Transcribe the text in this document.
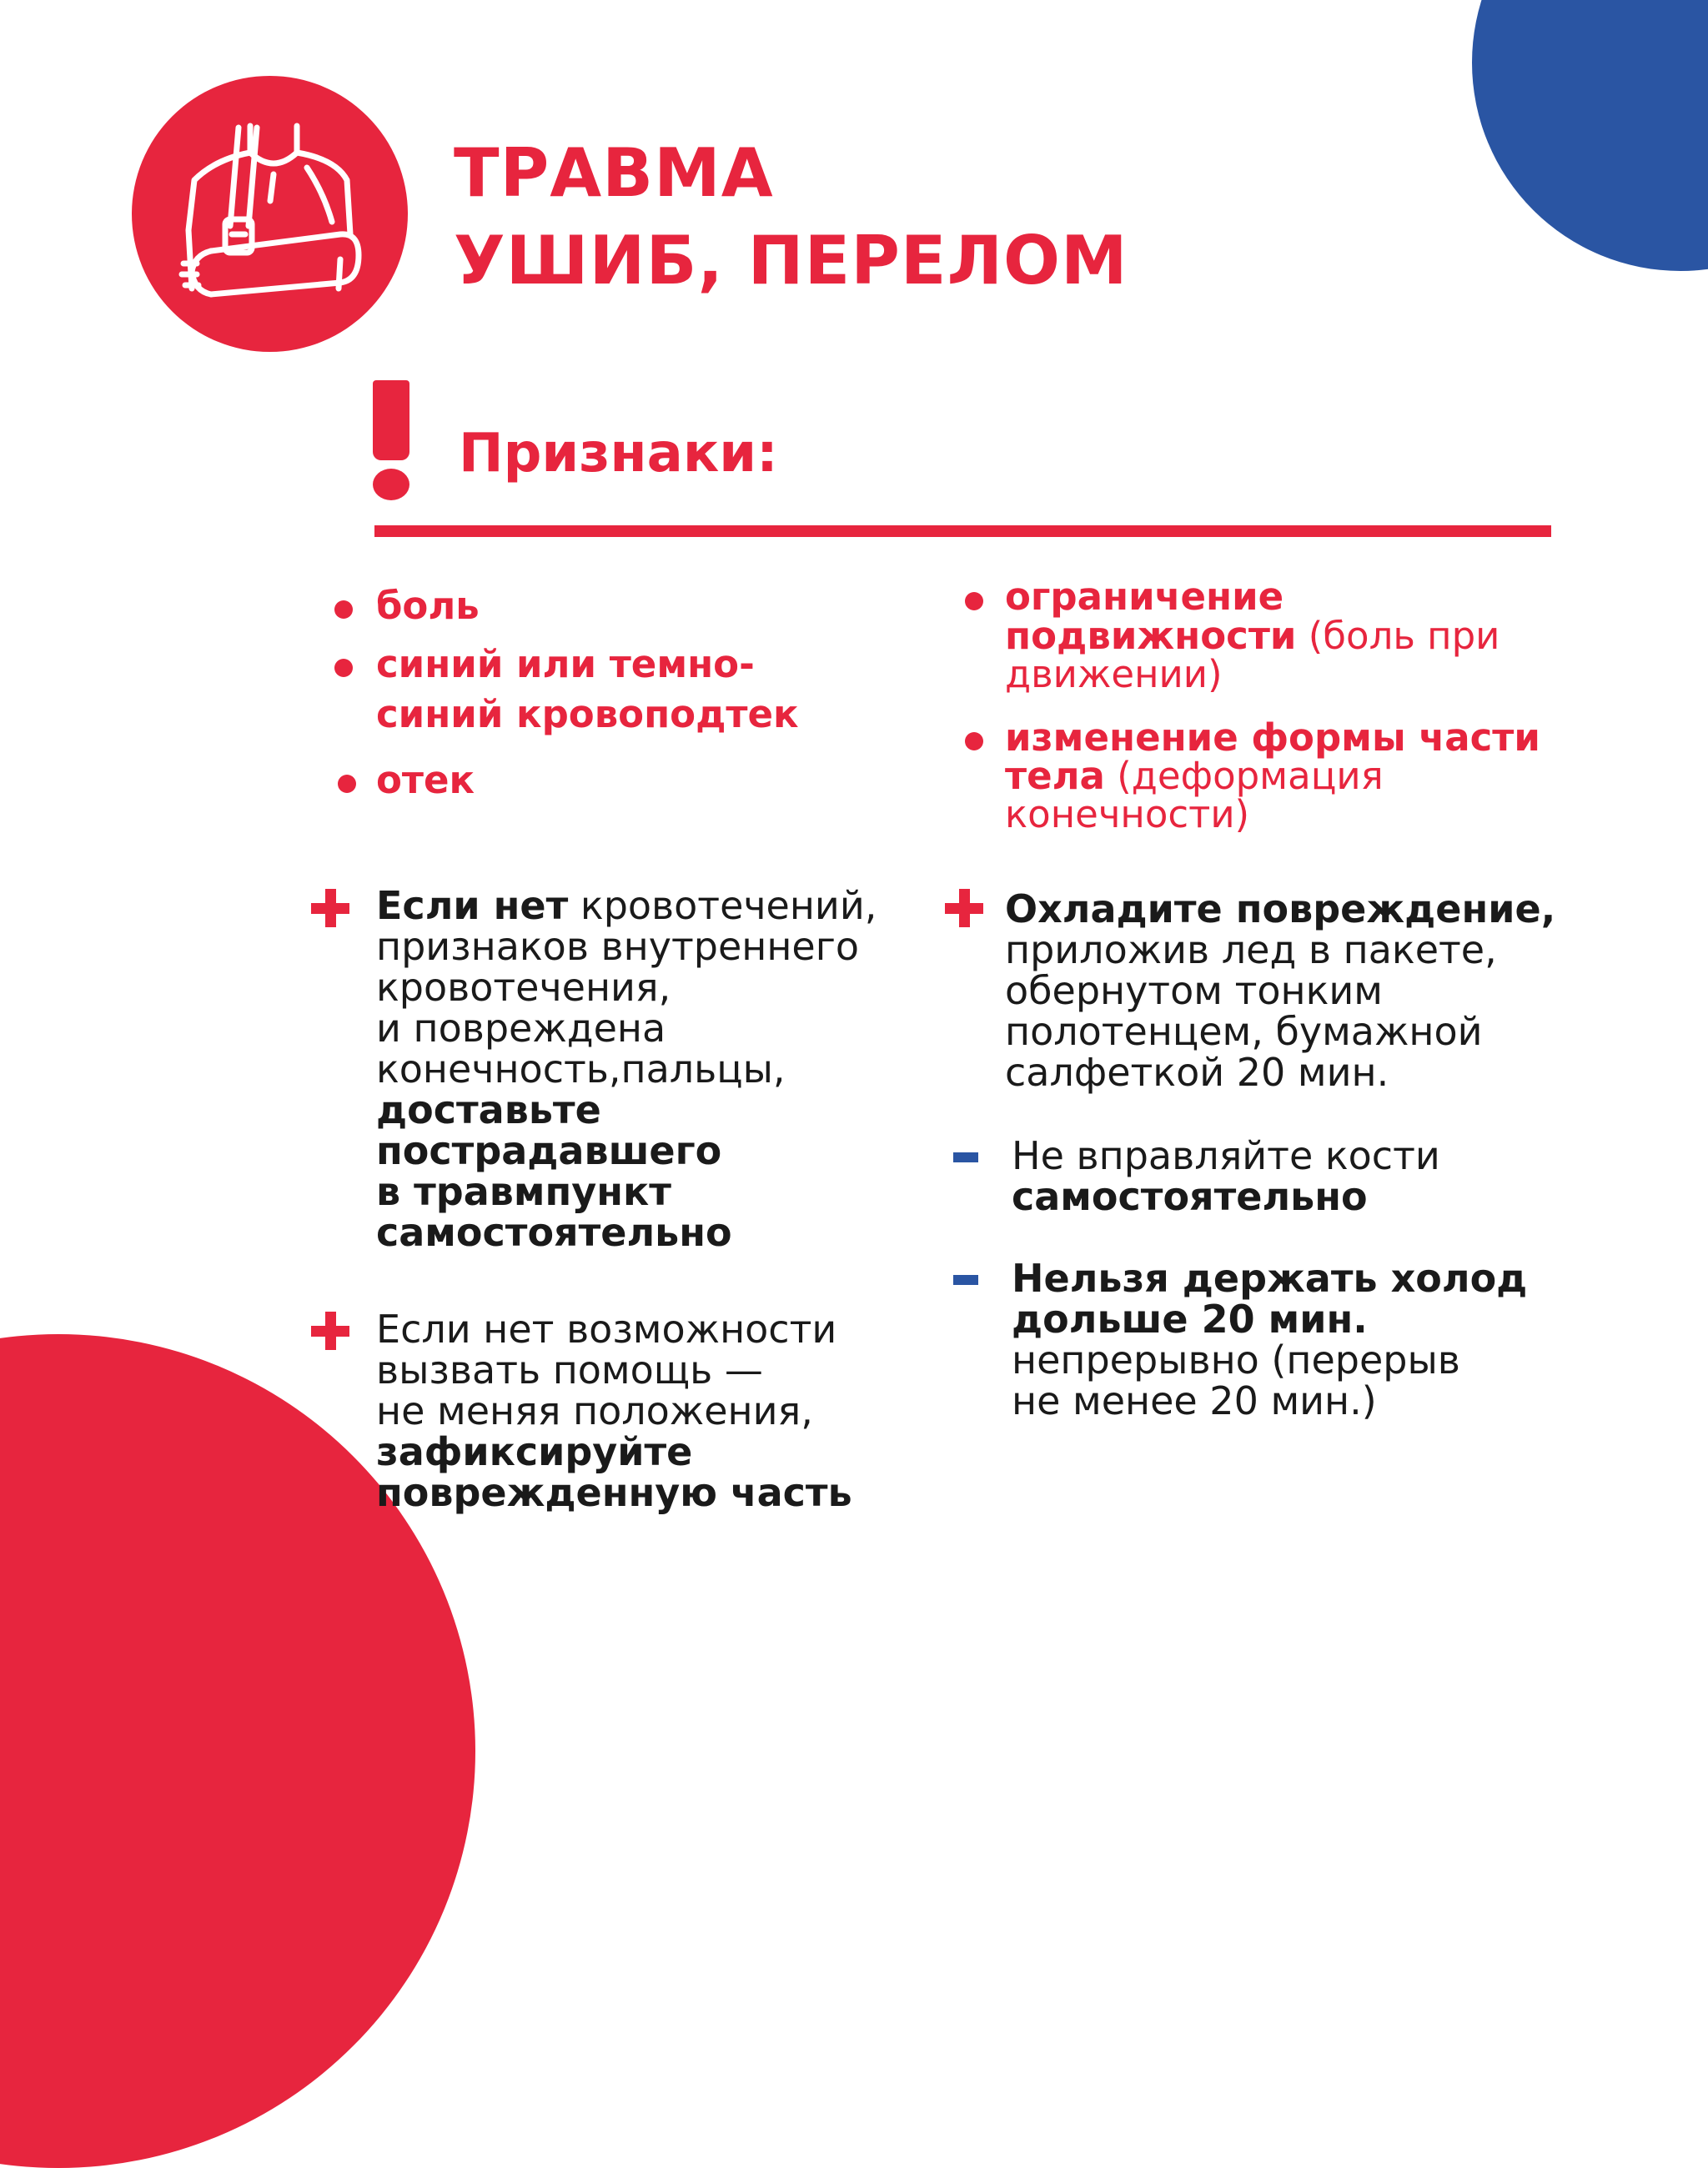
ТРАВМА
УШИБ, ПЕРЕЛОМ
Признаки:
боль
синий или темно-
синий кровоподтек
отек
ограничение
подвижности (боль при
движении)
изменение формы части
тела (деформация
конечности)
Если нет кровотечений,
признаков внутреннего
кровотечения,
и повреждена
конечность,пальцы,
доставьте
пострадавшего
в травмпункт
самостоятельно
Если нет возможности
вызвать помощь —
не меняя положения,
зафиксируйте
поврежденную часть
Охладите повреждение,
приложив лед в пакете,
обернутом тонким
полотенцем, бумажной
салфеткой 20 мин.
Не вправляйте кости
самостоятельно
Нельзя держать холод
дольше 20 мин.
непрерывно (перерыв
не менее 20 мин.)
